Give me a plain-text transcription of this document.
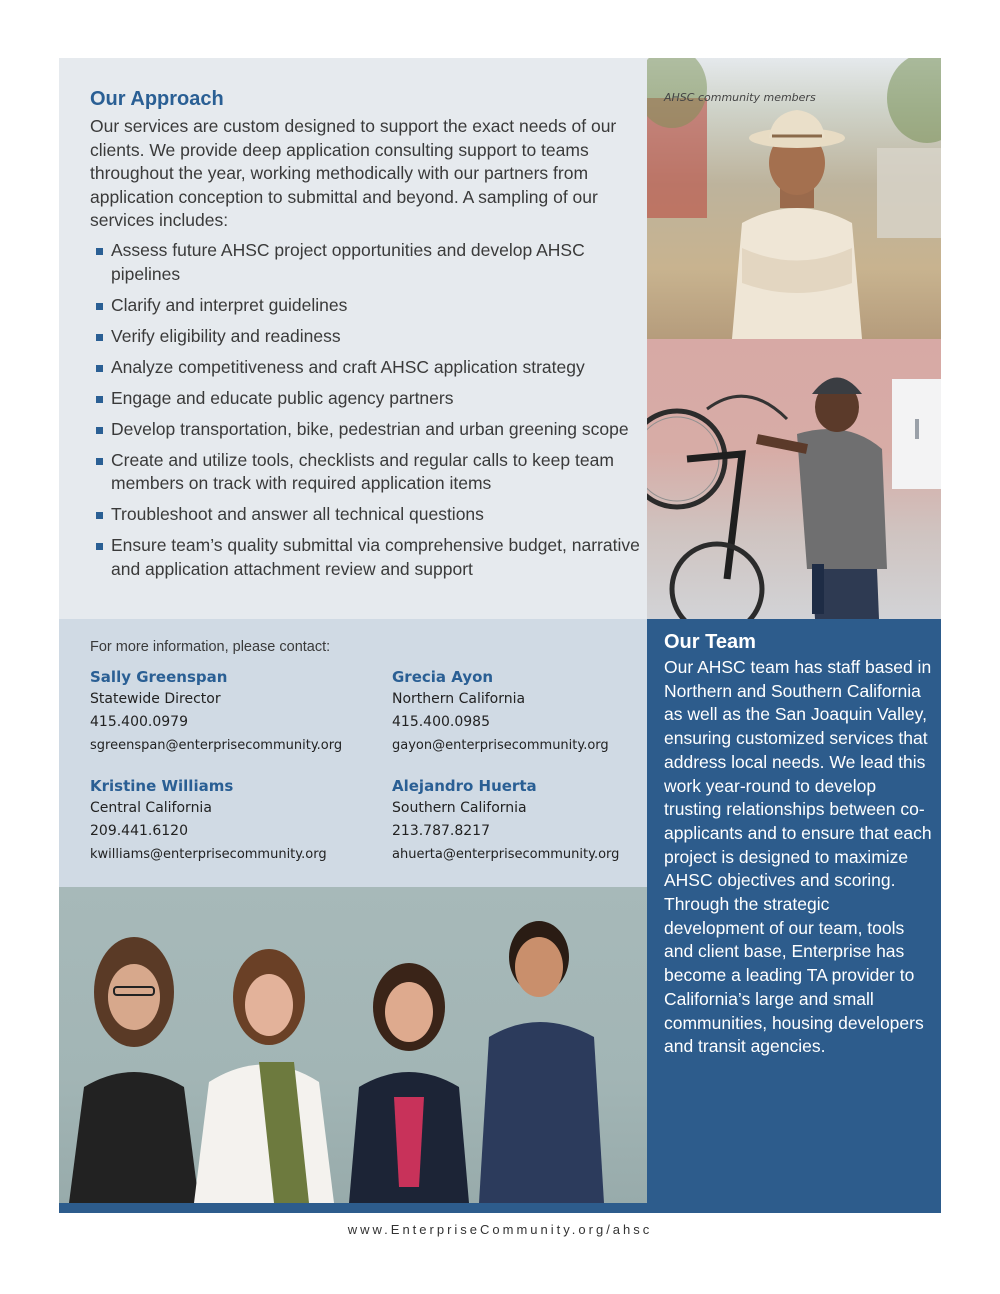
Our Approach

Our services are custom designed to support the exact needs of our clients. We provide deep application consulting support to teams throughout the year, working methodically with our partners from application conception to submittal and beyond. A sampling of our services includes:

Assess future AHSC project opportunities and develop AHSC pipelines
Clarify and interpret guidelines
Verify eligibility and readiness
Analyze competitiveness and craft AHSC application strategy
Engage and educate public agency partners
Develop transportation, bike, pedestrian and urban greening scope
Create and utilize tools, checklists and regular calls to keep team members on track with required application items
Troubleshoot and answer all technical questions
Ensure team’s quality submittal via comprehensive budget, narrative and application attachment review and support
AHSC community members

For more information, please contact:

Sally Greenspan
Statewide Director
415.400.0979
sgreenspan@enterprisecommunity.org
Grecia Ayon
Northern California
415.400.0985
gayon@enterprisecommunity.org
Kristine Williams
Central California
209.441.6120
kwilliams@enterprisecommunity.org
Alejandro Huerta
Southern California
213.787.8217
ahuerta@enterprisecommunity.org
Our Team

Our AHSC team has staff based in Northern and Southern California as well as the San Joaquin Valley, ensuring customized services that address local needs. We lead this work year-round to develop trusting relationships between co-applicants and to ensure that each project is designed to maximize AHSC objectives and scoring. Through the strategic development of our team, tools and client base, Enterprise has become a leading TA provider to California’s large and small communities, housing developers and transit agencies.

www.EnterpriseCommunity.org/ahsc
